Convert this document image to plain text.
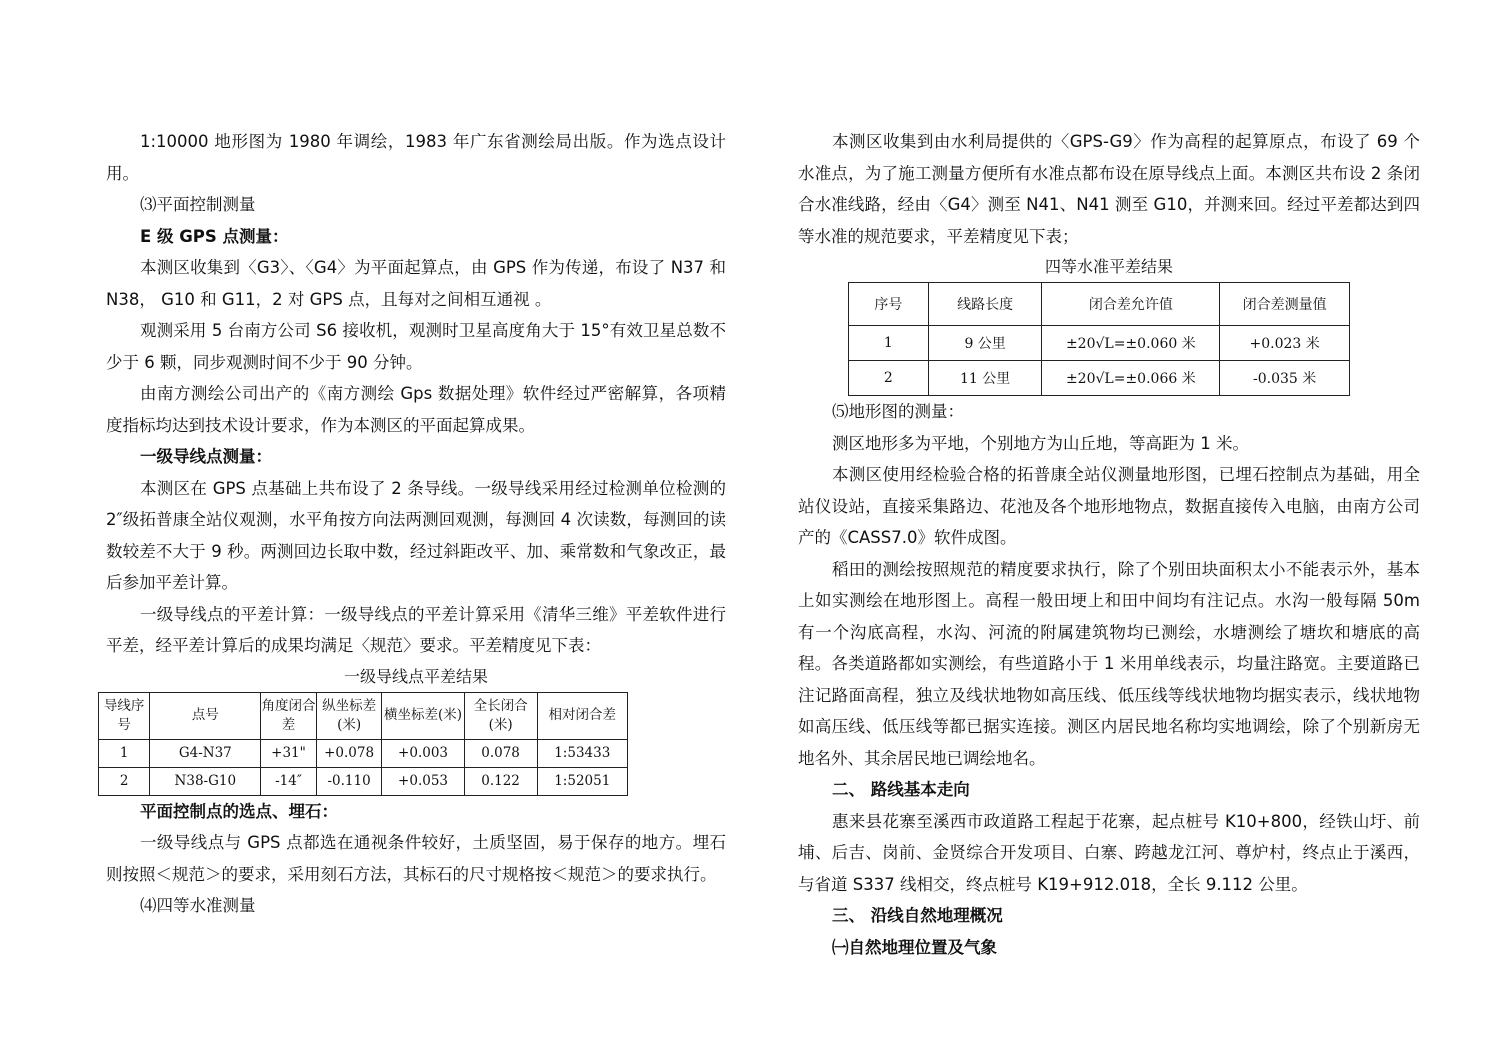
1:10000 地形图为 1980 年调绘，1983 年广东省测绘局出版。作为选点设计用。

⑶平面控制测量

E 级 GPS 点测量：

本测区收集到〈G3〉、〈G4〉为平面起算点，由 GPS 作为传递，布设了 N37 和 N38， G10 和 G11，2 对 GPS 点，且每对之间相互通视 。

观测采用 5 台南方公司 S6 接收机，观测时卫星高度角大于 15°有效卫星总数不少于 6 颗，同步观测时间不少于 90 分钟。

由南方测绘公司出产的《南方测绘 Gps 数据处理》软件经过严密解算，各项精度指标均达到技术设计要求，作为本测区的平面起算成果。

一级导线点测量：

本测区在 GPS 点基础上共布设了 2 条导线。一级导线采用经过检测单位检测的 2″级拓普康全站仪观测，水平角按方向法两测回观测，每测回 4 次读数，每测回的读数较差不大于 9 秒。两测回边长取中数，经过斜距改平、加、乘常数和气象改正，最后参加平差计算。

一级导线点的平差计算：一级导线点的平差计算采用《清华三维》平差软件进行平差，经平差计算后的成果均满足〈规范〉要求。平差精度见下表：

一级导线点平差结果
导线序号	点号	角度闭合差	纵坐标差(米)	横坐标差(米)	全长闭合(米)	相对闭合差
1	G4-N37	+31"	+0.078	+0.003	0.078	1:53433
2	N38-G10	-14″	-0.110	+0.053	0.122	1:52051

平面控制点的选点、埋石：

一级导线点与 GPS 点都选在通视条件较好，土质坚固，易于保存的地方。埋石则按照＜规范＞的要求，采用刻石方法，其标石的尺寸规格按＜规范＞的要求执行。

⑷四等水准测量

本测区收集到由水利局提供的〈GPS-G9〉作为高程的起算原点，布设了 69 个水准点，为了施工测量方便所有水准点都布设在原导线点上面。本测区共布设 2 条闭合水准线路，经由〈G4〉测至 N41、N41 测至 G10，并测来回。经过平差都达到四等水准的规范要求，平差精度见下表；

四等水准平差结果
序号	线路长度	闭合差允许值	闭合差测量值
1	9 公里	±20√L=±0.060 米	+0.023 米
2	11 公里	±20√L=±0.066 米	-0.035 米

⑸地形图的测量：

测区地形多为平地，个别地方为山丘地，等高距为 1 米。

本测区使用经检验合格的拓普康全站仪测量地形图，已埋石控制点为基础，用全站仪设站，直接采集路边、花池及各个地形地物点，数据直接传入电脑，由南方公司产的《CASS7.0》软件成图。

稻田的测绘按照规范的精度要求执行，除了个别田块面积太小不能表示外，基本上如实测绘在地形图上。高程一般田埂上和田中间均有注记点。水沟一般每隔 50m 有一个沟底高程，水沟、河流的附属建筑物均已测绘，水塘测绘了塘坎和塘底的高程。各类道路都如实测绘，有些道路小于 1 米用单线表示，均量注路宽。主要道路已注记路面高程，独立及线状地物如高压线、低压线等线状地物均据实表示，线状地物如高压线、低压线等都已据实连接。测区内居民地名称均实地调绘，除了个别新房无地名外、其余居民地已调绘地名。

二、 路线基本走向

惠来县花寨至溪西市政道路工程起于花寨，起点桩号 K10+800，经铁山圩、前埔、后吉、岗前、金贤综合开发项目、白寨、跨越龙江河、尊炉村，终点止于溪西，与省道 S337 线相交，终点桩号 K19+912.018，全长 9.112 公里。

三、 沿线自然地理概况

㈠自然地理位置及气象
